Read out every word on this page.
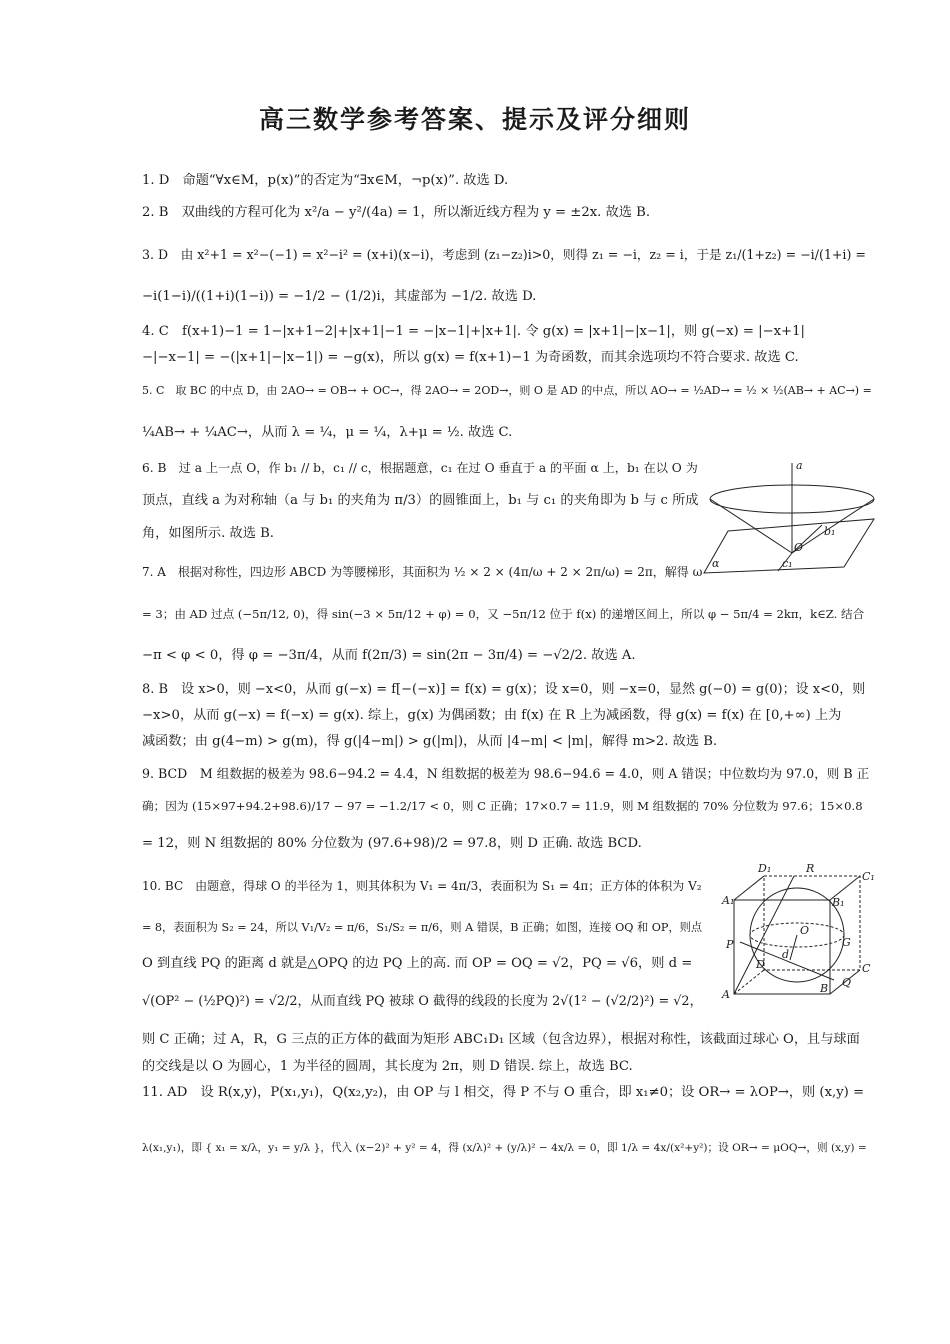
高三数学参考答案、提示及评分细则
1. D　命题“∀x∈M，p(x)”的否定为“∃x∈M，¬p(x)”. 故选 D.
2. B　双曲线的方程可化为 x²/a − y²/(4a) = 1，所以渐近线方程为 y = ±2x. 故选 B.
3. D　由 x²+1 = x²−(−1) = x²−i² = (x+i)(x−i)，考虑到 (z₁−z₂)i>0，则得 z₁ = −i，z₂ = i，于是 z₁/(1+z₂) = −i/(1+i) =
−i(1−i)/((1+i)(1−i)) = −1/2 − (1/2)i，其虚部为 −1/2. 故选 D.
4. C　f(x+1)−1 = 1−|x+1−2|+|x+1|−1 = −|x−1|+|x+1|. 令 g(x) = |x+1|−|x−1|，则 g(−x) = |−x+1|
−|−x−1| = −(|x+1|−|x−1|) = −g(x)，所以 g(x) = f(x+1)−1 为奇函数，而其余选项均不符合要求. 故选 C.
5. C　取 BC 的中点 D，由 2AO→ = OB→ + OC→，得 2AO→ = 2OD→，则 O 是 AD 的中点，所以 AO→ = ½AD→ = ½ × ½(AB→ + AC→) =
¼AB→ + ¼AC→，从而 λ = ¼，μ = ¼，λ+μ = ½. 故选 C.
6. B　过 a 上一点 O，作 b₁ // b，c₁ // c，根据题意，c₁ 在过 O 垂直于 a 的平面 α 上，b₁ 在以 O 为
顶点，直线 a 为对称轴（a 与 b₁ 的夹角为 π/3）的圆锥面上，b₁ 与 c₁ 的夹角即为 b 与 c 所成
角，如图所示. 故选 B.
a
b₁
O
α	c₁
7. A　根据对称性，四边形 ABCD 为等腰梯形，其面积为 ½ × 2 × (4π/ω + 2 × 2π/ω) = 2π，解得 ω
= 3；由 AD 过点 (−5π/12, 0)，得 sin(−3 × 5π/12 + φ) = 0，又 −5π/12 位于 f(x) 的递增区间上，所以 φ − 5π/4 = 2kπ，k∈Z. 结合
−π < φ < 0，得 φ = −3π/4，从而 f(2π/3) = sin(2π − 3π/4) = −√2/2. 故选 A.
8. B　设 x>0，则 −x<0，从而 g(−x) = f[−(−x)] = f(x) = g(x)；设 x=0，则 −x=0，显然 g(−0) = g(0)；设 x<0，则
−x>0，从而 g(−x) = f(−x) = g(x). 综上，g(x) 为偶函数；由 f(x) 在 R 上为减函数，得 g(x) = f(x) 在 [0,+∞) 上为
减函数；由 g(4−m) > g(m)，得 g(|4−m|) > g(|m|)，从而 |4−m| < |m|，解得 m>2. 故选 B.
9. BCD　M 组数据的极差为 98.6−94.2 = 4.4，N 组数据的极差为 98.6−94.6 = 4.0，则 A 错误；中位数均为 97.0，则 B 正
确；因为 (15×97+94.2+98.6)/17 − 97 = −1.2/17 < 0，则 C 正确；17×0.7 = 11.9，则 M 组数据的 70% 分位数为 97.6；15×0.8
= 12，则 N 组数据的 80% 分位数为 (97.6+98)/2 = 97.8，则 D 正确. 故选 BCD.
10. BC　由题意，得球 O 的半径为 1，则其体积为 V₁ = 4π/3，表面积为 S₁ = 4π；正方体的体积为 V₂
= 8，表面积为 S₂ = 24，所以 V₁/V₂ = π/6，S₁/S₂ = π/6，则 A 错误，B 正确；如图，连接 OQ 和 OP，则点
O 到直线 PQ 的距离 d 就是△OPQ 的边 PQ 上的高. 而 OP = OQ = √2，PQ = √6，则 d =
√(OP² − (½PQ)²) = √2/2，从而直线 PQ 被球 O 截得的线段的长度为 2√(1² − (√2/2)²) = √2，
D₁	R
C₁
A₁	B₁
P
O
G
d
D	C
A	B Q
则 C 正确；过 A，R，G 三点的正方体的截面为矩形 ABC₁D₁ 区域（包含边界），根据对称性，该截面过球心 O，且与球面
的交线是以 O 为圆心，1 为半径的圆周，其长度为 2π，则 D 错误. 综上，故选 BC.
11. AD　设 R(x,y)，P(x₁,y₁)，Q(x₂,y₂)，由 OP 与 l 相交，得 P 不与 O 重合，即 x₁≠0；设 OR→ = λOP→，则 (x,y) =
λ(x₁,y₁)，即 { x₁ = x/λ，y₁ = y/λ }，代入 (x−2)² + y² = 4，得 (x/λ)² + (y/λ)² − 4x/λ = 0，即 1/λ = 4x/(x²+y²)；设 OR→ = μOQ→，则 (x,y) =
